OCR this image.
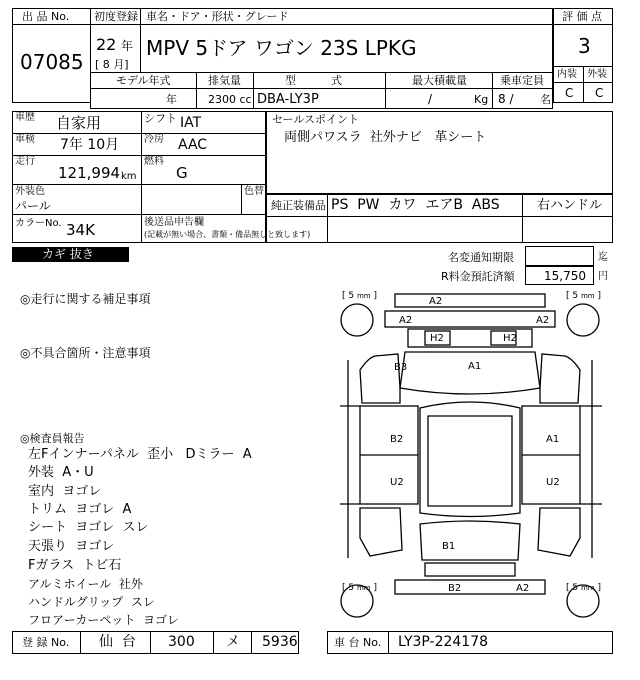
出 品 No.
07085
初度登録 車名・ドア・形状・グレード
22 年
[ 8 月]
MPV 5ドア ワゴン 23S LPKG
評 価 点
3
内装 外装
C C
モデル年式	排気量	型          式	最大積載量	乗車定員
年	2300 cc DBA-LY3P	/	Kg 8 / 名
車歴 自家用	シフト IAT
車検 7年 10月 冷房 AAC
走行
121,994 km
燃料
G
外装色
パール
色替
カラーNo. 34K	後送品申告欄
(記載が無い場合、書類・備品無しと致します)
セールスポイント
両側パワスラ  社外ナビ   革シート
純正装備品 PS  PW  カワ  エアB  ABS	右ハンドル
カギ 抜き	名変通知期限	迄
R料金預託済額 15,750 円
◎走行に関する補足事項
◎不具合箇所・注意事項
◎検査員報告
左Fインナーパネル  歪小   Dミラー  A
外装  A・U
室内  ヨゴレ
トリム  ヨゴレ  A
シート  ヨゴレ  スレ
天張り  ヨゴレ
Fガラス  トビ石
アルミホイール  社外
ハンドルグリップ  スレ
フロアーカーペット  ヨゴレ
[ 5 mm ]	[ 5 mm ]
[ 5 mm ]	[ 5 mm ]
A2
A2	A2
H2	H2
A1
B3
B2	A1
U2	U2
B1
B2	A2
登 録 No. 仙  台 300 メ 5936	車 台 No. LY3P-224178
